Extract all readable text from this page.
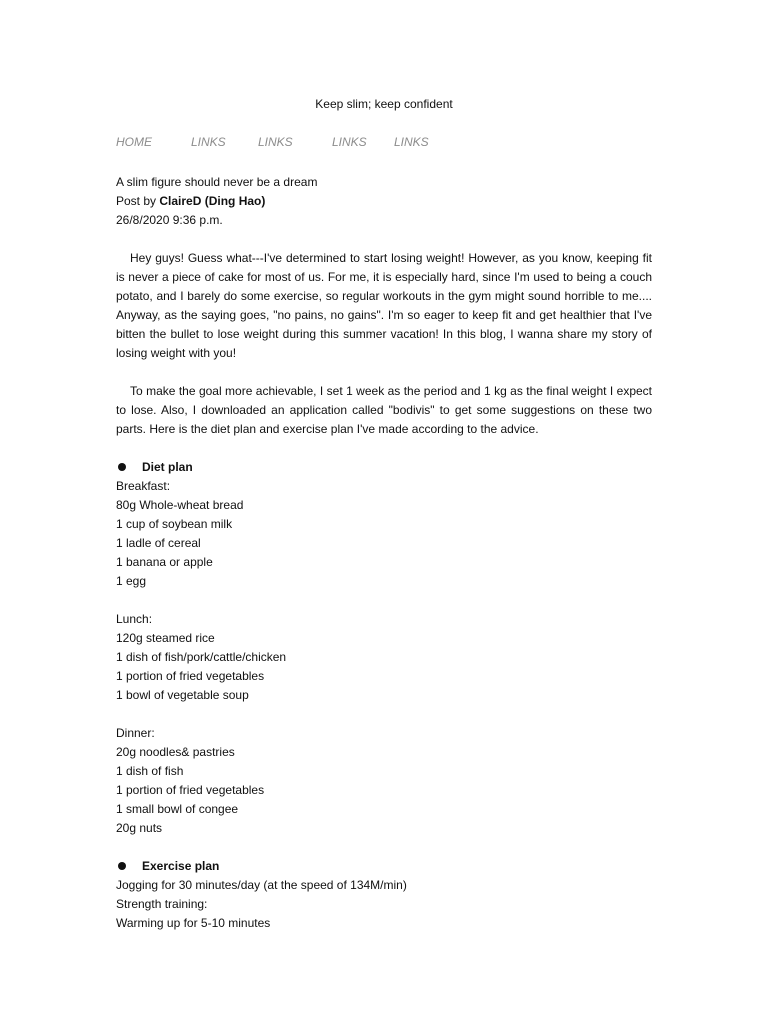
Keep slim; keep confident
HOME	LINKS	LINKS	LINKS LINKS
A slim figure should never be a dream
Post by ClaireD (Ding Hao)
26/8/2020 9:36 p.m.

Hey guys! Guess what---I've determined to start losing weight! However, as you know, keeping fit is never a piece of cake for most of us. For me, it is especially hard, since I'm used to being a couch potato, and I barely do some exercise, so regular workouts in the gym might sound horrible to me.... Anyway, as the saying goes, "no pains, no gains". I'm so eager to keep fit and get healthier that I've bitten the bullet to lose weight during this summer vacation! In this blog, I wanna share my story of losing weight with you!

To make the goal more achievable, I set 1 week as the period and 1 kg as the final weight I expect to lose. Also, I downloaded an application called "bodivis" to get some suggestions on these two parts. Here is the diet plan and exercise plan I've made according to the advice.

Diet plan
Breakfast:
80g Whole-wheat bread
1 cup of soybean milk
1 ladle of cereal
1 banana or apple
1 egg
Lunch:
120g steamed rice
1 dish of fish/pork/cattle/chicken
1 portion of fried vegetables
1 bowl of vegetable soup
Dinner:
20g noodles& pastries
1 dish of fish
1 portion of fried vegetables
1 small bowl of congee
20g nuts
Exercise plan
Jogging for 30 minutes/day (at the speed of 134M/min)
Strength training:
Warming up for 5-10 minutes
